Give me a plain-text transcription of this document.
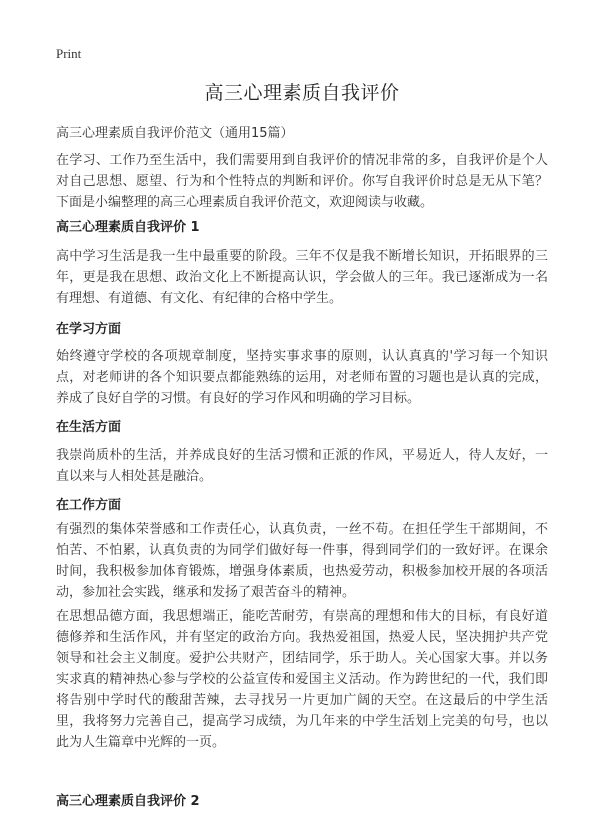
Print
高三心理素质自我评价
高三心理素质自我评价范文（通用15篇）

在学习、工作乃至生活中，我们需要用到自我评价的情况非常的多，自我评价是个人对自己思想、愿望、行为和个性特点的判断和评价。你写自我评价时总是无从下笔？下面是小编整理的高三心理素质自我评价范文，欢迎阅读与收藏。

高三心理素质自我评价 1

高中学习生活是我一生中最重要的阶段。三年不仅是我不断增长知识，开拓眼界的三年，更是我在思想、政治文化上不断提高认识，学会做人的三年。我已逐渐成为一名有理想、有道德、有文化、有纪律的合格中学生。

在学习方面

始终遵守学校的各项规章制度，坚持实事求事的原则，认认真真的'学习每一个知识点，对老师讲的各个知识要点都能熟练的运用，对老师布置的习题也是认真的完成，养成了良好自学的习惯。有良好的学习作风和明确的学习目标。

在生活方面

我崇尚质朴的生活，并养成良好的生活习惯和正派的作风，平易近人，待人友好，一直以来与人相处甚是融洽。

在工作方面

有强烈的集体荣誉感和工作责任心，认真负责，一丝不苟。在担任学生干部期间，不怕苦、不怕累，认真负责的为同学们做好每一件事，得到同学们的一致好评。在课余时间，我积极参加体育锻炼，增强身体素质，也热爱劳动，积极参加校开展的各项活动，参加社会实践，继承和发扬了艰苦奋斗的精神。

在思想品德方面，我思想端正，能吃苦耐劳，有崇高的理想和伟大的目标，有良好道德修养和生活作风，并有坚定的政治方向。我热爱祖国，热爱人民，坚决拥护共产党领导和社会主义制度。爱护公共财产，团结同学，乐于助人。关心国家大事。并以务实求真的精神热心参与学校的公益宣传和爱国主义活动。作为跨世纪的一代，我们即将告别中学时代的酸甜苦辣，去寻找另一片更加广阔的天空。在这最后的中学生活里，我将努力完善自己，提高学习成绩，为几年来的中学生活划上完美的句号，也以此为人生篇章中光辉的一页。

高三心理素质自我评价 2
